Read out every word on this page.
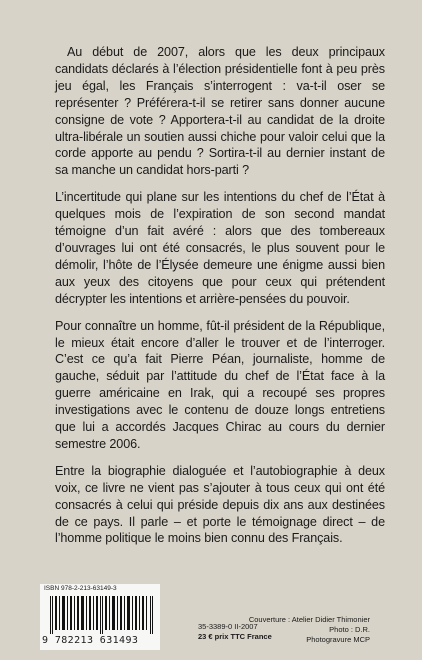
Au début de 2007, alors que les deux principaux candidats déclarés à l’élection présidentielle font à peu près jeu égal, les Français s’interrogent : va-t-il oser se représenter ? Préférera-t-il se retirer sans donner aucune consigne de vote ? Apportera-t-il au candidat de la droite ultra-libérale un soutien aussi chiche pour valoir celui que la corde apporte au pendu ? Sortira-t-il au dernier instant de sa manche un candidat hors-parti ?

L’incertitude qui plane sur les intentions du chef de l’État à quelques mois de l’expiration de son second mandat témoigne d’un fait avéré : alors que des tombereaux d’ouvrages lui ont été consacrés, le plus souvent pour le démolir, l’hôte de l’Élysée demeure une énigme aussi bien aux yeux des citoyens que pour ceux qui prétendent décrypter les intentions et arrière-pensées du pouvoir.

Pour connaître un homme, fût-il président de la République, le mieux était encore d’aller le trouver et de l’interroger. C’est ce qu’a fait Pierre Péan, journaliste, homme de gauche, séduit par l’attitude du chef de l’État face à la guerre américaine en Irak, qui a recoupé ses propres investigations avec le contenu de douze longs entretiens que lui a accordés Jacques Chirac au cours du dernier semestre 2006.

Entre la biographie dialoguée et l’autobiographie à deux voix, ce livre ne vient pas s’ajouter à tous ceux qui ont été consacrés à celui qui préside depuis dix ans aux destinées de ce pays. Il parle – et porte le témoignage direct – de l’homme politique le moins bien connu des Français.

ISBN 978-2-213-63149-3
9 782213 631493
35-3389-0 II-2007
23 € prix TTC France
Couverture : Atelier Didier Thimonier
Photo : D.R.
Photogravure MCP
